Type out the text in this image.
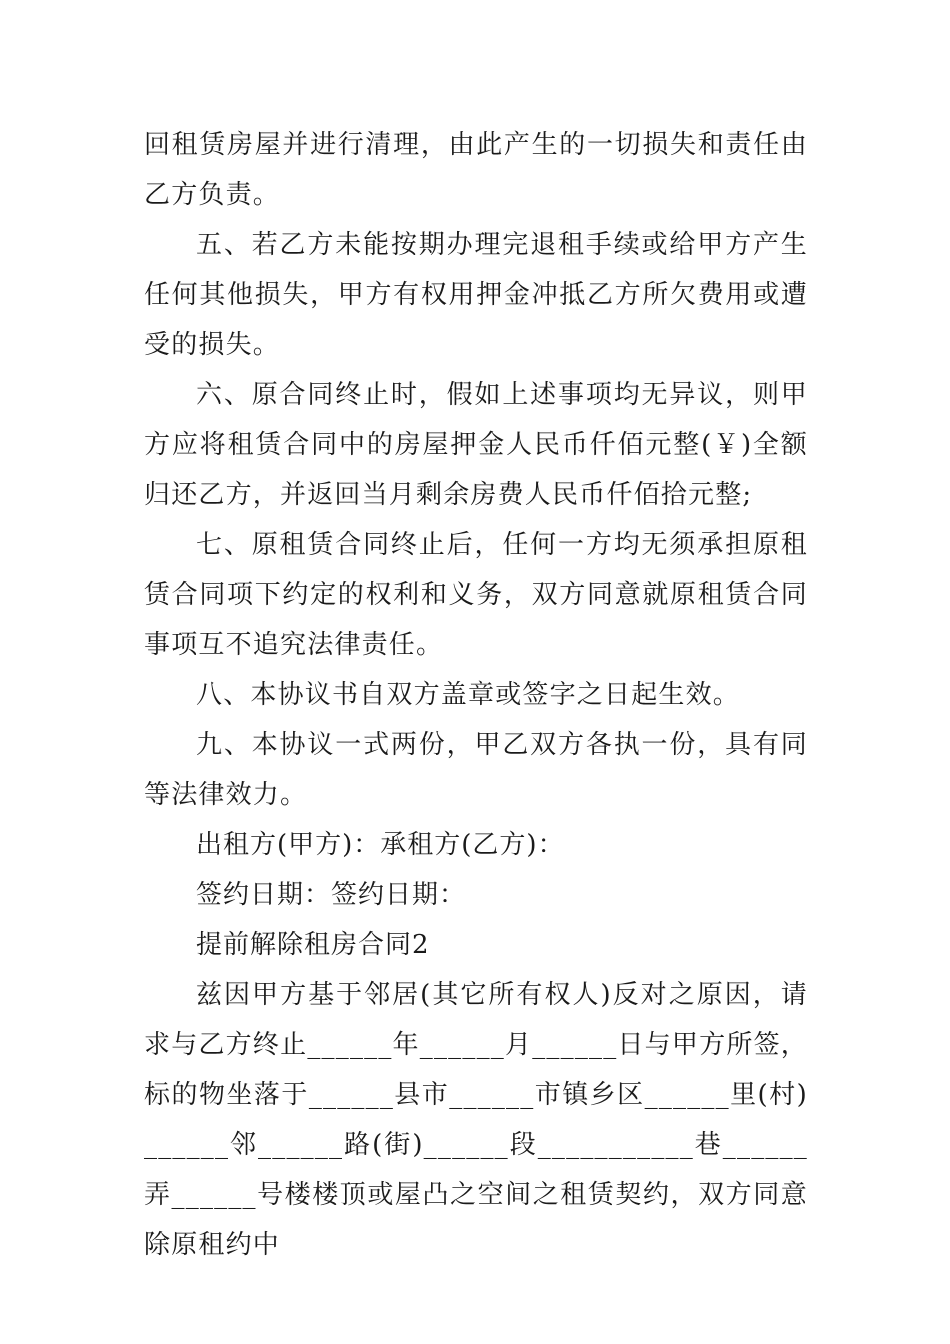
回租赁房屋并进行清理，由此产生的一切损失和责任由乙方负责。

五、若乙方未能按期办理完退租手续或给甲方产生任何其他损失，甲方有权用押金冲抵乙方所欠费用或遭受的损失。

六、原合同终止时，假如上述事项均无异议，则甲方应将租赁合同中的房屋押金人民币仟佰元整(￥)全额归还乙方，并返回当月剩余房费人民币仟佰拾元整;

七、原租赁合同终止后，任何一方均无须承担原租赁合同项下约定的权利和义务，双方同意就原租赁合同事项互不追究法律责任。

八、本协议书自双方盖章或签字之日起生效。

九、本协议一式两份，甲乙双方各执一份，具有同等法律效力。

出租方(甲方)：承租方(乙方)：

签约日期：签约日期：

提前解除租房合同2

兹因甲方基于邻居(其它所有权人)反对之原因，请求与乙方终止______年______月______日与甲方所签，标的物坐落于______县市______市镇乡区______里(村)______邻______路(街)______段___________巷______弄______号楼楼顶或屋凸之空间之租赁契约，双方同意除原租约中
